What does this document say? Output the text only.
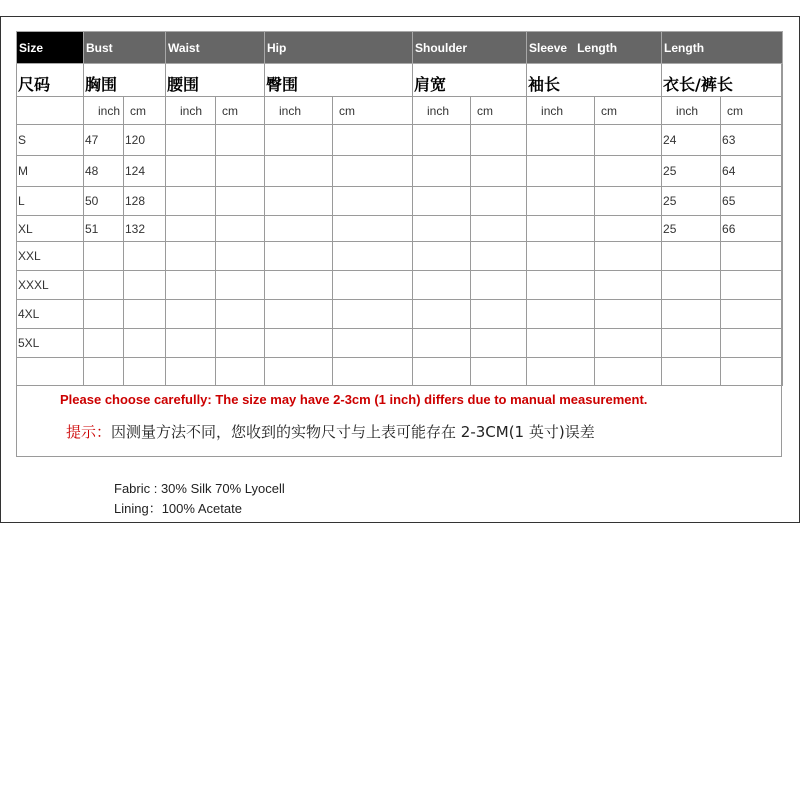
Size	Bust		Waist		Hip		Shoulder		Sleeve   Length		Length	
尺码	胸围		腰围		臀围		肩宽		袖长		衣长/裤长	
	inch	cm	inch	cm	inch	cm	inch	cm	inch	cm	inch	cm
S	47	120									24	63
M	48	124									25	64
L	50	128									25	65
XL	51	132									25	66
XXL												
XXXL												
4XL												
5XL												

Please choose carefully: The size may have 2-3cm (1 inch) differs due to manual measurement.
提示：因测量方法不同，您收到的实物尺寸与上表可能存在 2-3CM(1 英寸)误差
Fabric : 30% Silk 70% Lyocell
Lining：100% Acetate
